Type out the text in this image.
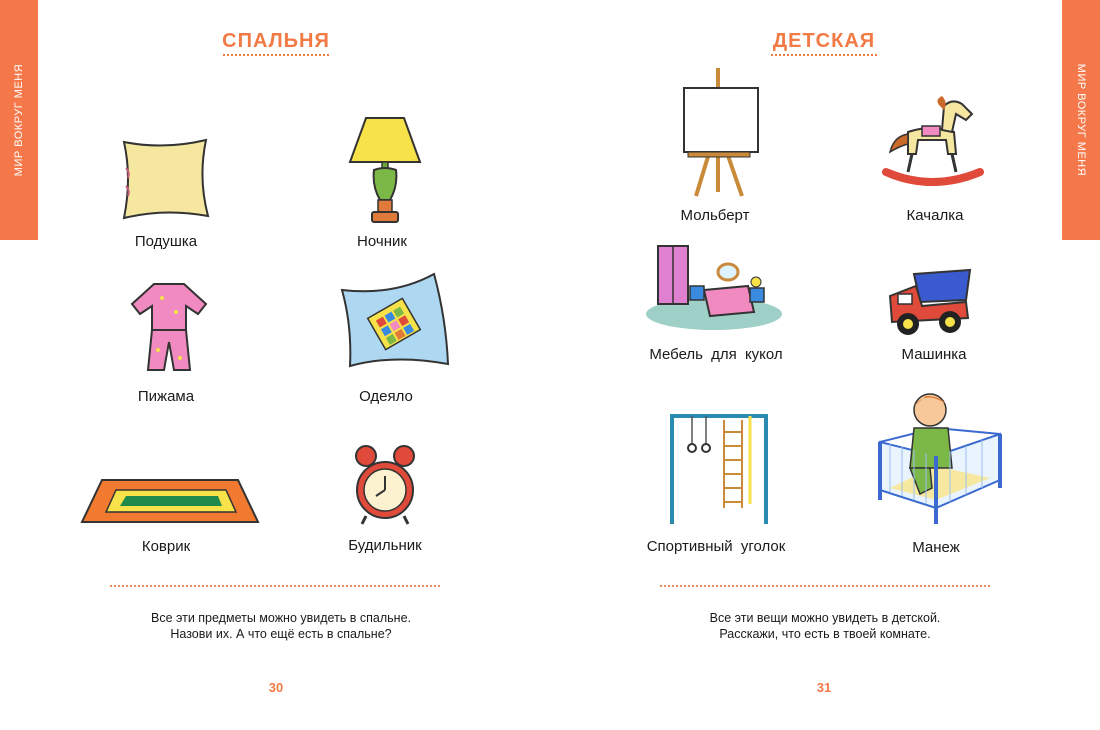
МИР ВОКРУГ МЕНЯ
СПАЛЬНЯ
Подушка	Ночник
Пижама	Одеяло
Коврик	Будильник
Все эти предметы можно увидеть в спальне.
Назови их. А что ещё есть в спальне?
30
МИР ВОКРУГ МЕНЯ
ДЕТСКАЯ
Мольберт	Качалка
Мебель для кукол	Машинка
Спортивный уголок	Манеж
Все эти вещи можно увидеть в детской.
Расскажи, что есть в твоей комнате.
31
